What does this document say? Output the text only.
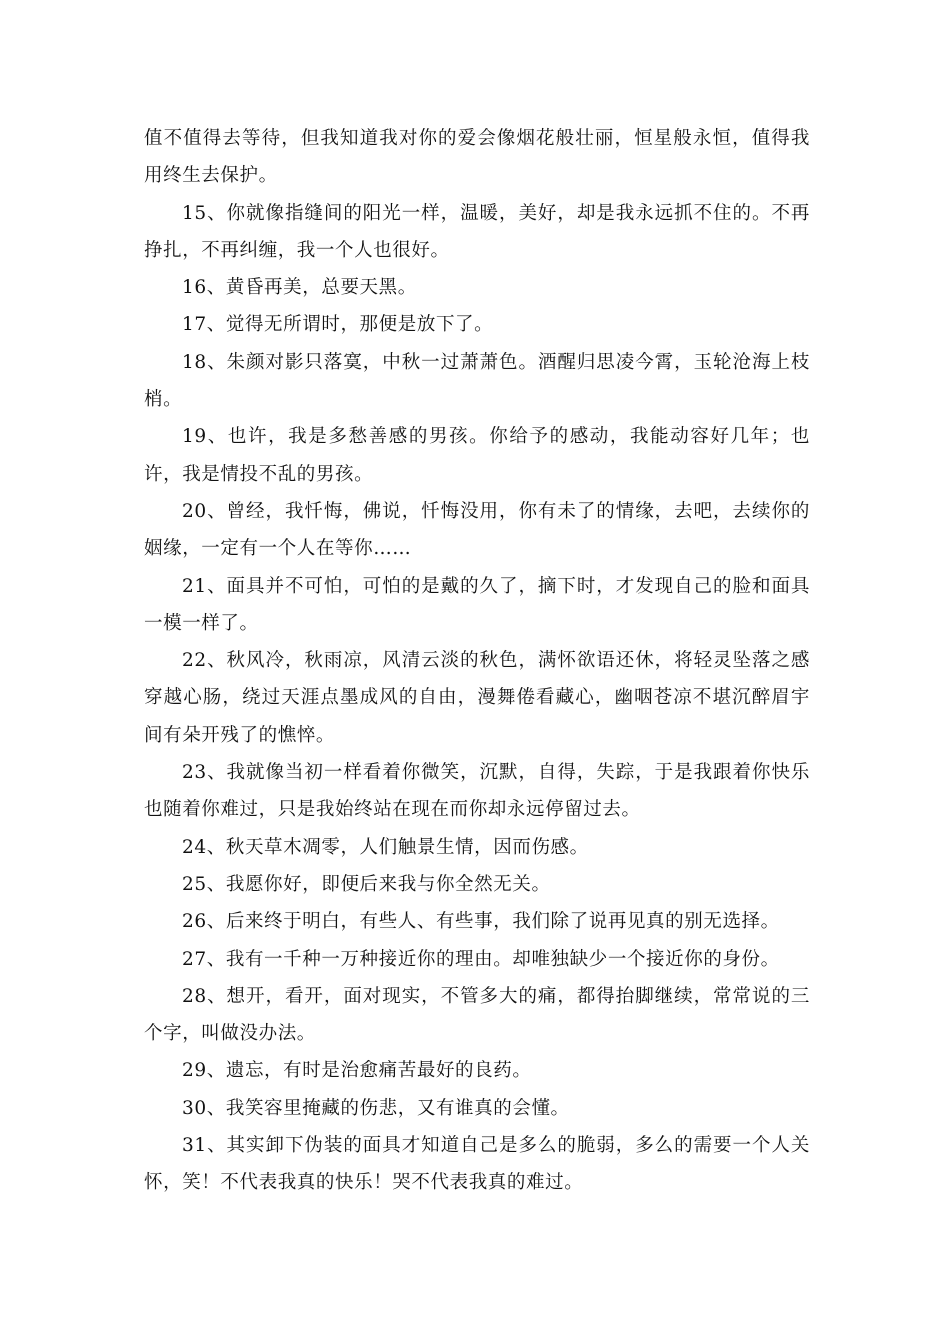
值不值得去等待，但我知道我对你的爱会像烟花般壮丽，恒星般永恒，值得我用终生去保护。

15、你就像指缝间的阳光一样，温暖，美好，却是我永远抓不住的。不再挣扎，不再纠缠，我一个人也很好。

16、黄昏再美，总要天黑。

17、觉得无所谓时，那便是放下了。

18、朱颜对影只落寞，中秋一过萧萧色。酒醒归思凌今霄，玉轮沧海上枝梢。

19、也许，我是多愁善感的男孩。你给予的感动，我能动容好几年；也许，我是情投不乱的男孩。

20、曾经，我忏悔，佛说，忏悔没用，你有未了的情缘，去吧，去续你的姻缘，一定有一个人在等你……

21、面具并不可怕，可怕的是戴的久了，摘下时，才发现自己的脸和面具一模一样了。

22、秋风冷，秋雨凉，风清云淡的秋色，满怀欲语还休，将轻灵坠落之感穿越心肠，绕过天涯点墨成风的自由，漫舞倦看藏心，幽咽苍凉不堪沉醉眉宇间有朵开残了的憔悴。

23、我就像当初一样看着你微笑，沉默，自得，失踪，于是我跟着你快乐也随着你难过，只是我始终站在现在而你却永远停留过去。

24、秋天草木凋零，人们触景生情，因而伤感。

25、我愿你好，即便后来我与你全然无关。

26、后来终于明白，有些人、有些事，我们除了说再见真的别无选择。

27、我有一千种一万种接近你的理由。却唯独缺少一个接近你的身份。

28、想开，看开，面对现实，不管多大的痛，都得抬脚继续，常常说的三个字，叫做没办法。

29、遗忘，有时是治愈痛苦最好的良药。

30、我笑容里掩藏的伤悲，又有谁真的会懂。

31、其实卸下伪装的面具才知道自己是多么的脆弱，多么的需要一个人关怀，笑！不代表我真的快乐！哭不代表我真的难过。
